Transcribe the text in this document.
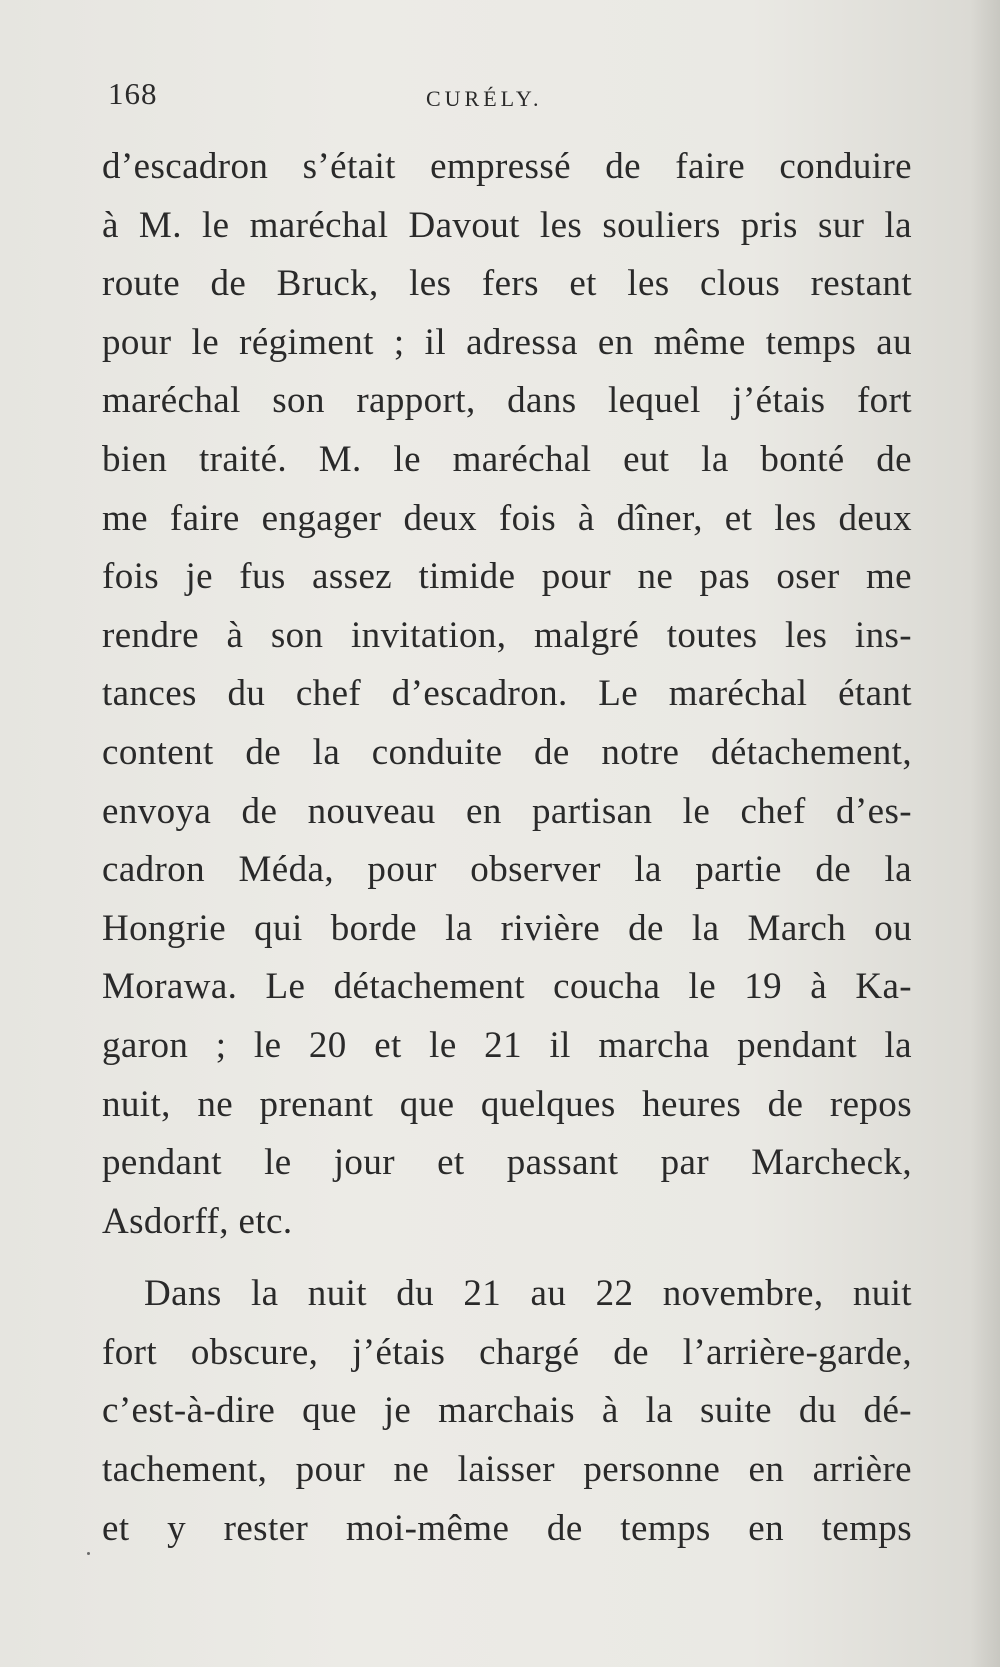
168	CURÉLY.
d’escadron s’était empressé de faire conduire
à M. le maréchal Davout les souliers pris sur la
route de Bruck, les fers et les clous restant
pour le régiment ; il adressa en même temps au
maréchal son rapport, dans lequel j’étais fort
bien traité. M. le maréchal eut la bonté de
me faire engager deux fois à dîner, et les deux
fois je fus assez timide pour ne pas oser me
rendre à son invitation, malgré toutes les ins-
tances du chef d’escadron. Le maréchal étant
content de la conduite de notre détachement,
envoya de nouveau en partisan le chef d’es-
cadron Méda, pour observer la partie de la
Hongrie qui borde la rivière de la March ou
Morawa. Le détachement coucha le 19 à Ka-
garon ; le 20 et le 21 il marcha pendant la
nuit, ne prenant que quelques heures de repos
pendant le jour et passant par Marcheck,
Asdorff, etc.
Dans la nuit du 21 au 22 novembre, nuit
fort obscure, j’étais chargé de l’arrière-garde,
c’est-à-dire que je marchais à la suite du dé-
tachement, pour ne laisser personne en arrière
et y rester moi-même de temps en temps
